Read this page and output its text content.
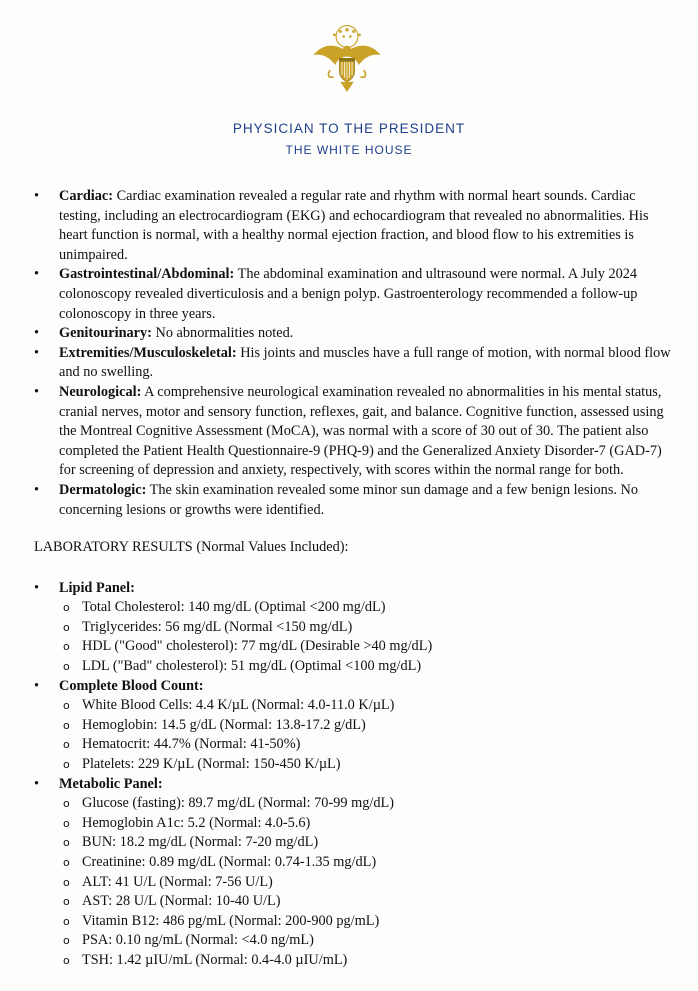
PHYSICIAN TO THE PRESIDENT
THE WHITE HOUSE
• Cardiac: Cardiac examination revealed a regular rate and rhythm with normal heart sounds. Cardiac testing, including an electrocardiogram (EKG) and echocardiogram that revealed no abnormalities. His heart function is normal, with a healthy normal ejection fraction, and blood flow to his extremities is unimpaired.
• Gastrointestinal/Abdominal: The abdominal examination and ultrasound were normal. A July 2024 colonoscopy revealed diverticulosis and a benign polyp. Gastroenterology recommended a follow-up colonoscopy in three years.
• Genitourinary: No abnormalities noted.
• Extremities/Musculoskeletal: His joints and muscles have a full range of motion, with normal blood flow and no swelling.
• Neurological: A comprehensive neurological examination revealed no abnormalities in his mental status, cranial nerves, motor and sensory function, reflexes, gait, and balance. Cognitive function, assessed using the Montreal Cognitive Assessment (MoCA), was normal with a score of 30 out of 30. The patient also completed the Patient Health Questionnaire-9 (PHQ-9) and the Generalized Anxiety Disorder-7 (GAD-7) for screening of depression and anxiety, respectively, with scores within the normal range for both.
• Dermatologic: The skin examination revealed some minor sun damage and a few benign lesions. No concerning lesions or growths were identified.
LABORATORY RESULTS (Normal Values Included):
• Lipid Panel:
o Total Cholesterol: 140 mg/dL (Optimal <200 mg/dL)
o Triglycerides: 56 mg/dL (Normal <150 mg/dL)
o HDL ("Good" cholesterol): 77 mg/dL (Desirable >40 mg/dL)
o LDL ("Bad" cholesterol): 51 mg/dL (Optimal <100 mg/dL)
• Complete Blood Count:
o White Blood Cells: 4.4 K/µL (Normal: 4.0-11.0 K/µL)
o Hemoglobin: 14.5 g/dL (Normal: 13.8-17.2 g/dL)
o Hematocrit: 44.7% (Normal: 41-50%)
o Platelets: 229 K/µL (Normal: 150-450 K/µL)
• Metabolic Panel:
o Glucose (fasting): 89.7 mg/dL (Normal: 70-99 mg/dL)
o Hemoglobin A1c: 5.2 (Normal: 4.0-5.6)
o BUN: 18.2 mg/dL (Normal: 7-20 mg/dL)
o Creatinine: 0.89 mg/dL (Normal: 0.74-1.35 mg/dL)
o ALT: 41 U/L (Normal: 7-56 U/L)
o AST: 28 U/L (Normal: 10-40 U/L)
o Vitamin B12: 486 pg/mL (Normal: 200-900 pg/mL)
o PSA: 0.10 ng/mL (Normal: <4.0 ng/mL)
o TSH: 1.42 µIU/mL (Normal: 0.4-4.0 µIU/mL)
